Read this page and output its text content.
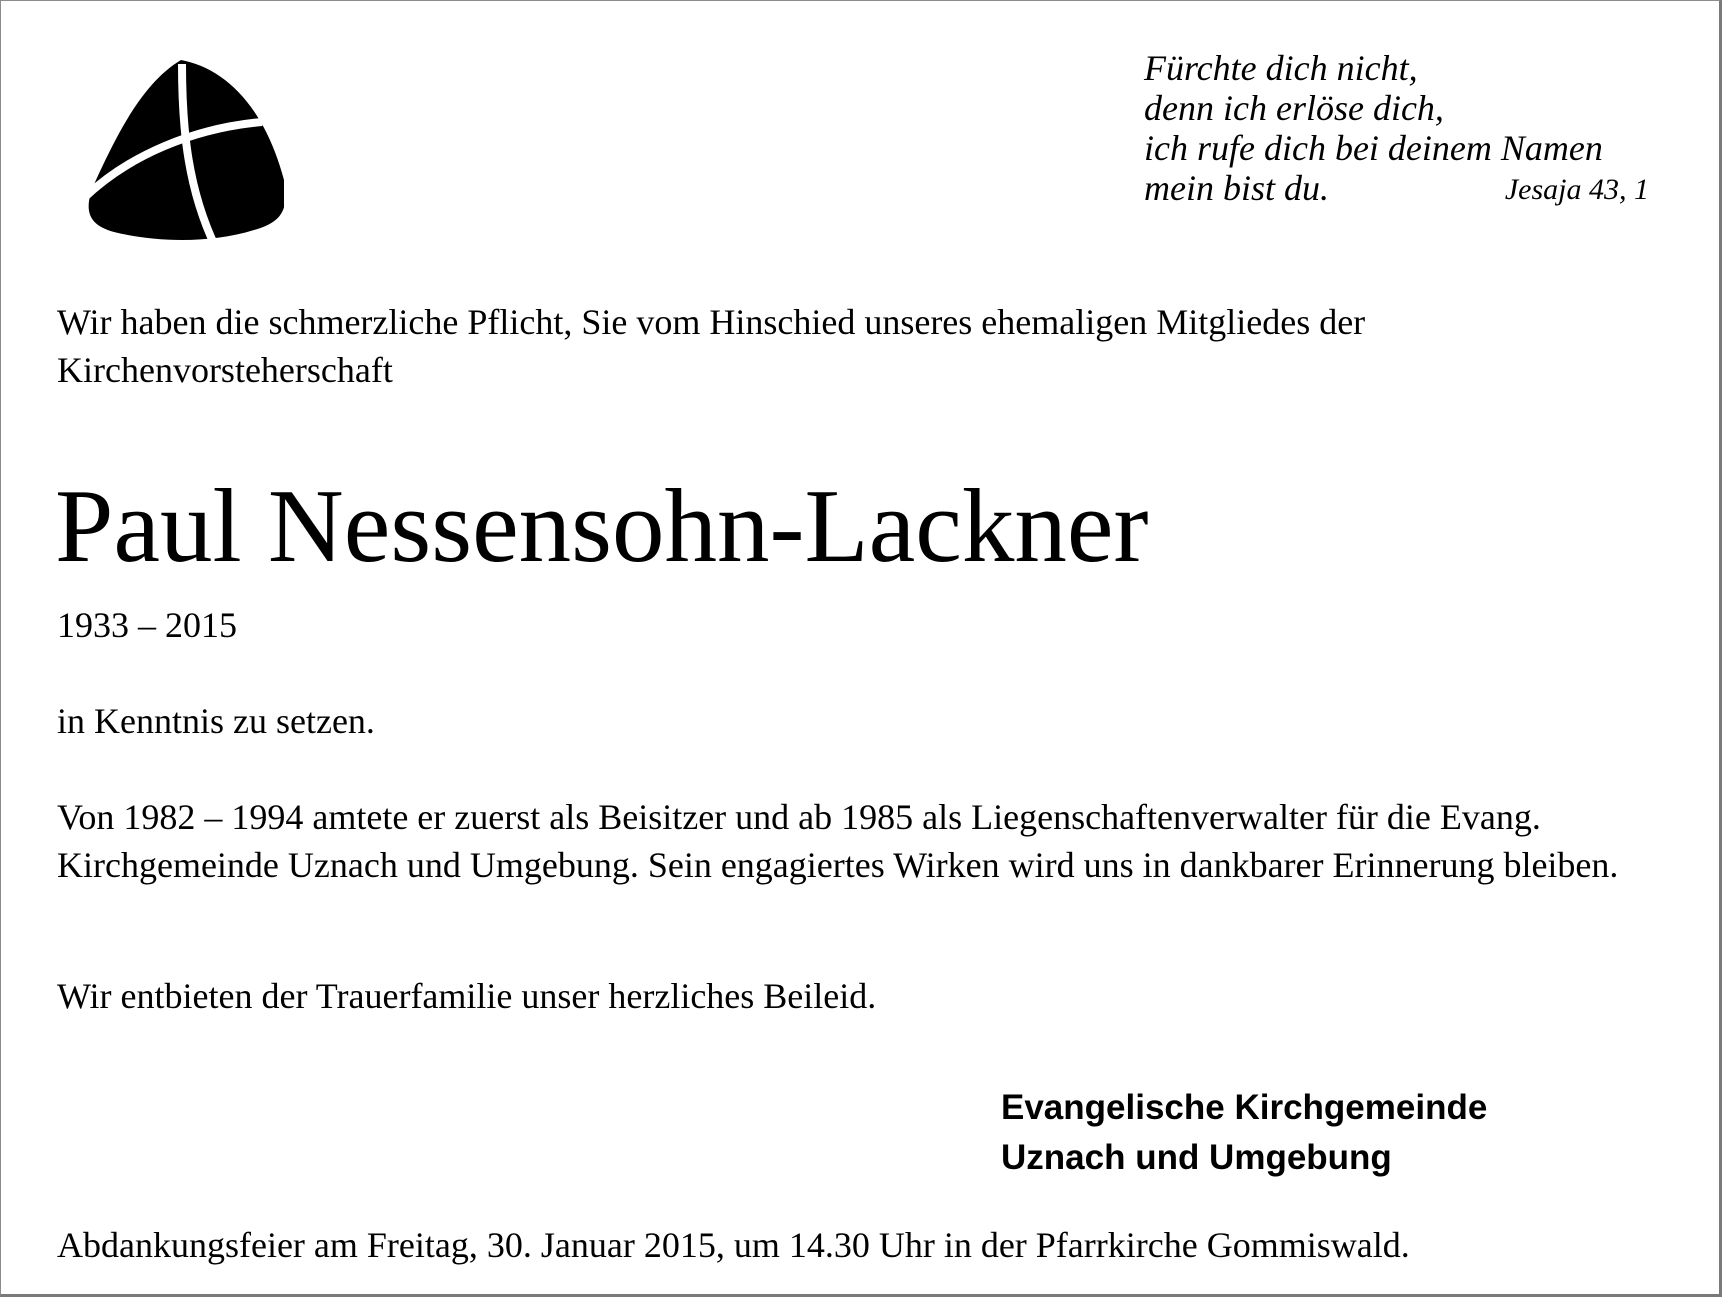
Fürchte dich nicht,
denn ich erlöse dich,
ich rufe dich bei deinem Namen
mein bist du.	Jesaja 43, 1
Wir haben die schmerzliche Pflicht, Sie vom Hinschied unseres ehemaligen Mitgliedes der Kirchenvorsteherschaft
Paul Nessensohn-Lackner
1933 – 2015
in Kenntnis zu setzen.
Von 1982 – 1994 amtete er zuerst als Beisitzer und ab 1985 als Liegenschaftenverwalter für die Evang. Kirchgemeinde Uznach und Umgebung. Sein engagiertes Wirken wird uns in dankbarer Erinnerung bleiben.
Wir entbieten der Trauerfamilie unser herzliches Beileid.
Evangelische Kirchgemeinde
Uznach und Umgebung
Abdankungsfeier am Freitag, 30. Januar 2015, um 14.30 Uhr in der Pfarrkirche Gommiswald.
